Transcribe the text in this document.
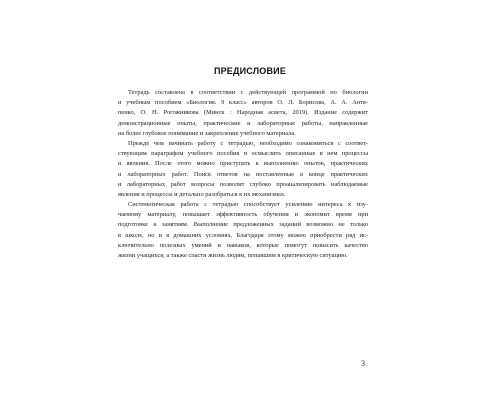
ПРЕДИСЛОВИЕ
Тетрадь составлена в соответствии с действующей программой по биологии
и учебным пособием «Биология. 9 класс» авторов О. Л. Борисова, А. А. Антя-
пенко, О. Н. Рогожникова (Минск : Народная асвета, 2019). Издание содержит
демонстрационные опыты, практические и лабораторные работы, направленные
на более глубокое понимание и закрепление учебного материала.
Прежде чем начинать работу с тетрадью, необходимо ознакомиться с соответ-
ствующим параграфом учебного пособия и осмыслить описанные в нем процессы
и явления. После этого можно приступать к выполнению опытов, практических
и лабораторных работ. Поиск ответов на поставленные в конце практических
и лабораторных работ вопросы позволит глубоко проанализировать наблюдаемые
явления и процессы и детально разобраться в их механизмах.
Систематическая работа с тетрадью способствует усилению интереса к изу-
чаемому материалу, повышает эффективность обучения и экономит время при
подготовке к занятиям. Выполнение предложенных заданий возможно не только
в школе, но и в домашних условиях. Благодаря этому можно приобрести ряд ис-
ключительно полезных умений и навыков, которые помогут повысить качество
жизни учащихся, а также спасти жизнь людям, попавшим в критическую ситуацию.
3
